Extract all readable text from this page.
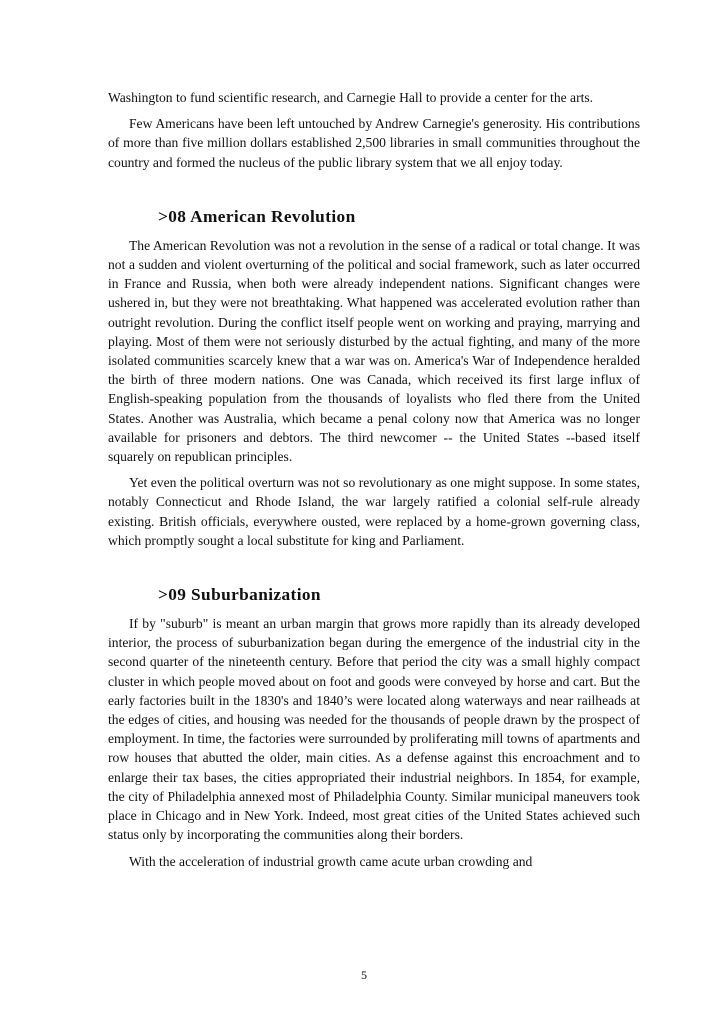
Washington to fund scientific research, and Carnegie Hall to provide a center for the arts.

Few Americans have been left untouched by Andrew Carnegie's generosity. His contributions of more than five million dollars established 2,500 libraries in small communities throughout the country and formed the nucleus of the public library system that we all enjoy today.

>08 American Revolution

The American Revolution was not a revolution in the sense of a radical or total change. It was not a sudden and violent overturning of the political and social framework, such as later occurred in France and Russia, when both were already independent nations. Significant changes were ushered in, but they were not breathtaking. What happened was accelerated evolution rather than outright revolution. During the conflict itself people went on working and praying, marrying and playing. Most of them were not seriously disturbed by the actual fighting, and many of the more isolated communities scarcely knew that a war was on. America's War of Independence heralded the birth of three modern nations. One was Canada, which received its first large influx of English-speaking population from the thousands of loyalists who fled there from the United States. Another was Australia, which became a penal colony now that America was no longer available for prisoners and debtors. The third newcomer -- the United States --based itself squarely on republican principles.

Yet even the political overturn was not so revolutionary as one might suppose. In some states, notably Connecticut and Rhode Island, the war largely ratified a colonial self-rule already existing. British officials, everywhere ousted, were replaced by a home-grown governing class, which promptly sought a local substitute for king and Parliament.

>09 Suburbanization

If by "suburb" is meant an urban margin that grows more rapidly than its already developed interior, the process of suburbanization began during the emergence of the industrial city in the second quarter of the nineteenth century. Before that period the city was a small highly compact cluster in which people moved about on foot and goods were conveyed by horse and cart. But the early factories built in the 1830's and 1840’s were located along waterways and near railheads at the edges of cities, and housing was needed for the thousands of people drawn by the prospect of employment. In time, the factories were surrounded by proliferating mill towns of apartments and row houses that abutted the older, main cities. As a defense against this encroachment and to enlarge their tax bases, the cities appropriated their industrial neighbors. In 1854, for example, the city of Philadelphia annexed most of Philadelphia County. Similar municipal maneuvers took place in Chicago and in New York. Indeed, most great cities of the United States achieved such status only by incorporating the communities along their borders.

With the acceleration of industrial growth came acute urban crowding and

5
